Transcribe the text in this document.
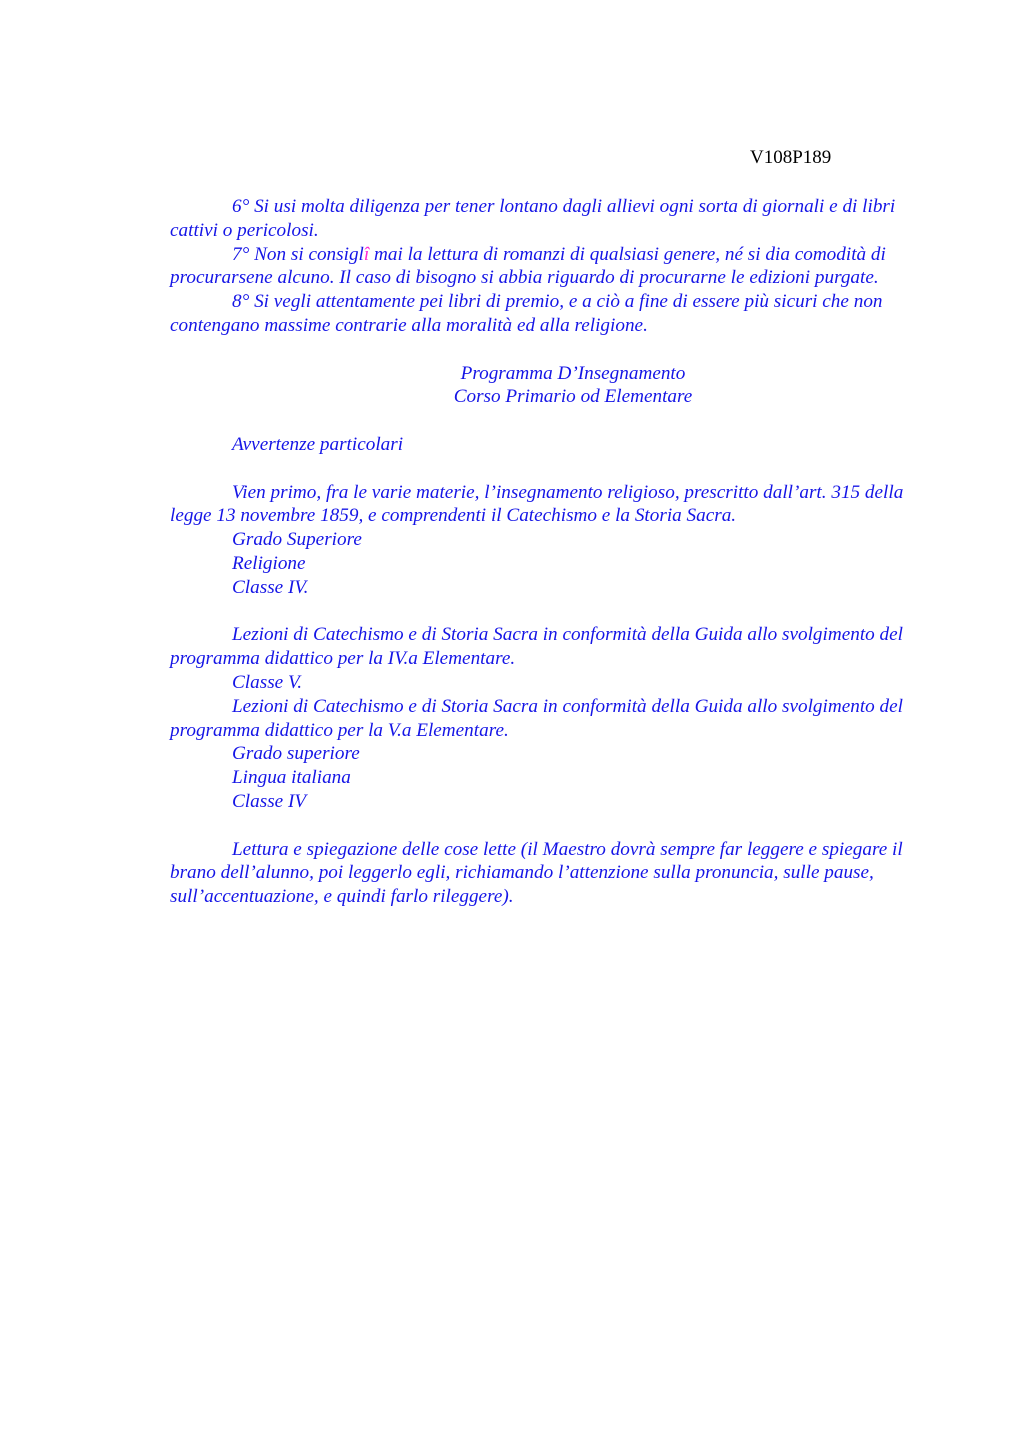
V108P189

6° Si usi molta diligenza per tener lontano dagli allievi ogni sorta di giornali e di libri cattivi o pericolosi.

7° Non si consiglî mai la lettura di romanzi di qualsiasi genere, né si dia comodità di procurarsene alcuno. Il caso di bisogno si abbia riguardo di procurarne le edizioni purgate.

8° Si vegli attentamente pei libri di premio, e a ciò a fine di essere più sicuri che non contengano massime contrarie alla moralità ed alla religione.

Programma D’Insegnamento

Corso Primario od Elementare

Avvertenze particolari

Vien primo, fra le varie materie, l’insegnamento religioso, prescritto dall’art. 315 della legge 13 novembre 1859, e comprendenti il Catechismo e la Storia Sacra.

Grado Superiore

Religione

Classe IV.

Lezioni di Catechismo e di Storia Sacra in conformità della Guida allo svolgimento del programma didattico per la IV.a Elementare.

Classe V.

Lezioni di Catechismo e di Storia Sacra in conformità della Guida allo svolgimento del programma didattico per la V.a Elementare.

Grado superiore

Lingua italiana

Classe IV

Lettura e spiegazione delle cose lette (il Maestro dovrà sempre far leggere e spiegare il brano dell’alunno, poi leggerlo egli, richiamando l’attenzione sulla pronuncia, sulle pause, sull’accentuazione, e quindi farlo rileggere).
